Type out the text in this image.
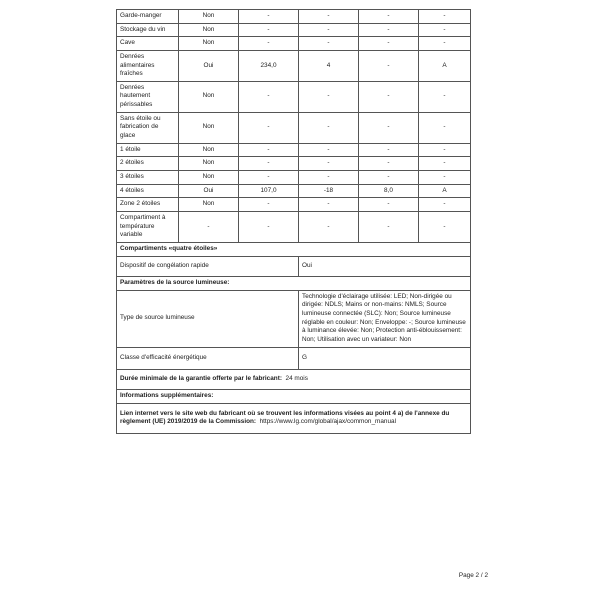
Garde-manger	Non	-	-	-	-
Stockage du vin	Non	-	-	-	-
Cave	Non	-	-	-	-
Denrées alimentaires fraîches	Oui	234,0	4	-	A
Denrées hautement périssables	Non	-	-	-	-
Sans étoile ou fabrication de glace	Non	-	-	-	-
1 étoile	Non	-	-	-	-
2 étoiles	Non	-	-	-	-
3 étoiles	Non	-	-	-	-
4 étoiles	Oui	107,0	-18	8,0	A
Zone 2 étoiles	Non	-	-	-	-
Compartiment à température variable	-	-	-	-	-
Compartiments «quatre étoiles»					
Dispositif de congélation rapide			Oui		
Paramètres de la source lumineuse:					
Type de source lumineuse			Technologie d'éclairage utilisée: LED; Non-dirigée ou dirigée: NDLS; Mains or non-mains: NMLS; Source lumineuse connectée (SLC): Non; Source lumineuse réglable en couleur: Non; Enveloppe: -; Source lumineuse à luminance élevée: Non; Protection anti-éblouissement: Non; Utilisation avec un variateur: Non		
Classe d'efficacité énergétique			G		
Durée minimale de la garantie offerte par le fabricant: 24 mois					
Informations supplémentaires:					
Lien internet vers le site web du fabricant où se trouvent les informations visées au point 4 a) de l'annexe du règlement (UE) 2019/2019 de la Commission: https://www.lg.com/global/ajax/common_manual					
Page 2 / 2
